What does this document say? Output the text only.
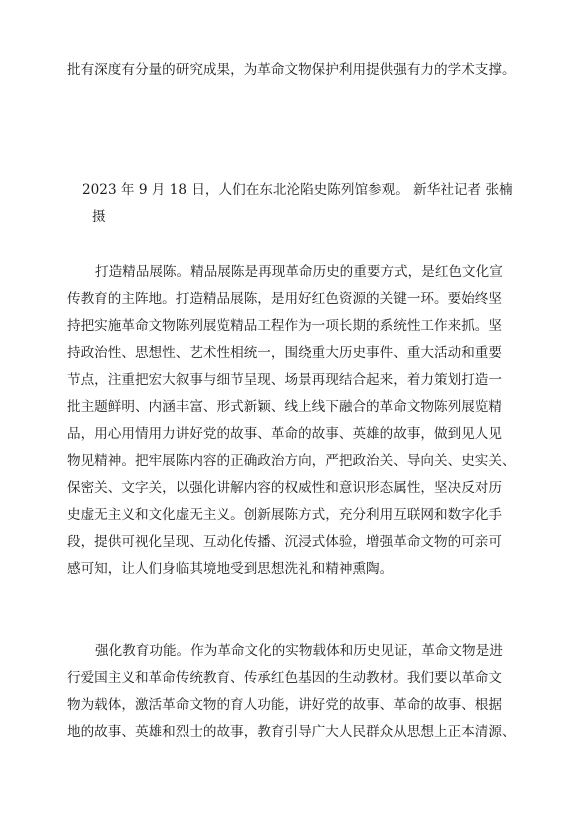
批有深度有分量的研究成果，为革命文物保护利用提供强有力的学术支撑。
2023 年 9 月 18 日，人们在东北沦陷史陈列馆参观。 新华社记者 张楠
摄
打造精品展陈。精品展陈是再现革命历史的重要方式，是红色文化宣
传教育的主阵地。打造精品展陈，是用好红色资源的关键一环。要始终坚
持把实施革命文物陈列展览精品工程作为一项长期的系统性工作来抓。坚
持政治性、思想性、艺术性相统一，围绕重大历史事件、重大活动和重要
节点，注重把宏大叙事与细节呈现、场景再现结合起来，着力策划打造一
批主题鲜明、内涵丰富、形式新颖、线上线下融合的革命文物陈列展览精
品，用心用情用力讲好党的故事、革命的故事、英雄的故事，做到见人见
物见精神。把牢展陈内容的正确政治方向，严把政治关、导向关、史实关、
保密关、文字关，以强化讲解内容的权威性和意识形态属性，坚决反对历
史虚无主义和文化虚无主义。创新展陈方式，充分利用互联网和数字化手
段，提供可视化呈现、互动化传播、沉浸式体验，增强革命文物的可亲可
感可知，让人们身临其境地受到思想洗礼和精神熏陶。
强化教育功能。作为革命文化的实物载体和历史见证，革命文物是进
行爱国主义和革命传统教育、传承红色基因的生动教材。我们要以革命文
物为载体，激活革命文物的育人功能，讲好党的故事、革命的故事、根据
地的故事、英雄和烈士的故事，教育引导广大人民群众从思想上正本清源、
